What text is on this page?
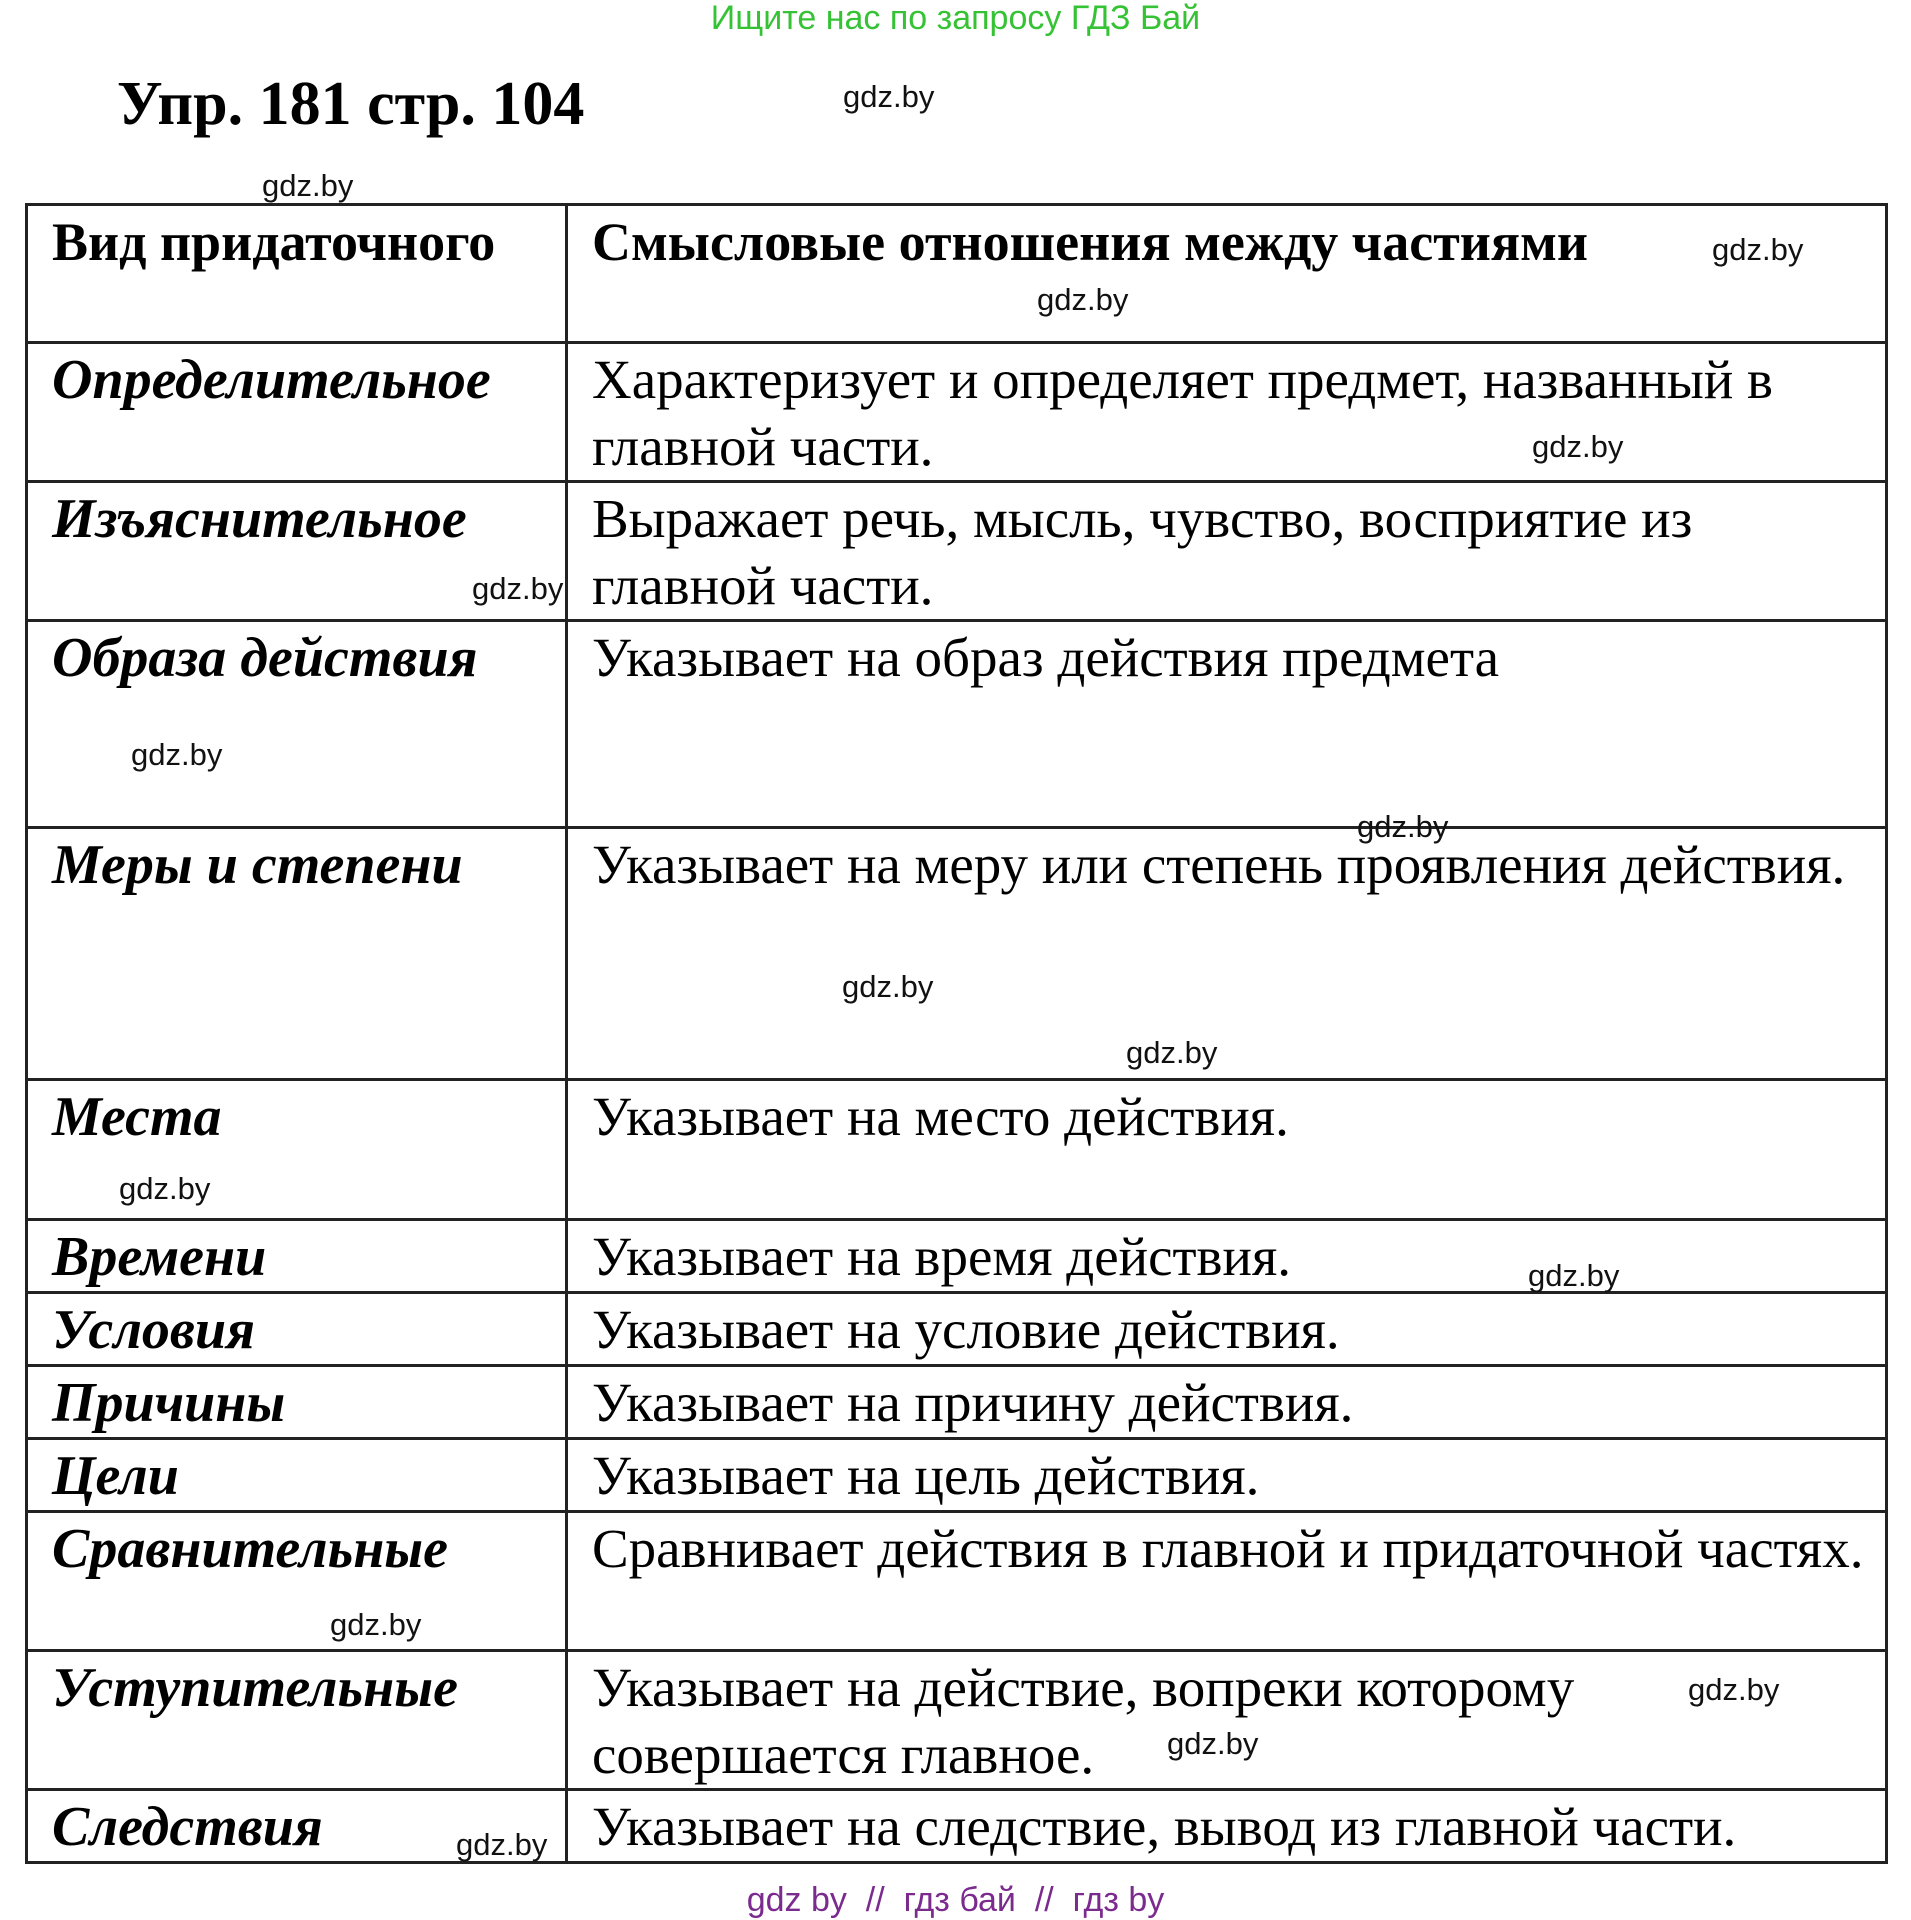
Ищите нас по запросу ГДЗ Бай
Упр. 181 стр. 104
Вид придаточного	Смысловые отношения между частиями
Определительное	Характеризует и определяет предмет, названный в главной части.
Изъяснительное	Выражает речь, мысль, чувство, восприятие из главной части.
Образа действия	Указывает на образ действия предмета
Меры и степени	Указывает на меру или степень проявления действия.
Места	Указывает на место действия.
Времени	Указывает на время действия.
Условия	Указывает на условие действия.
Причины	Указывает на причину действия.
Цели	Указывает на цель действия.
Сравнительные	Сравнивает действия в главной и придаточной частях.
Уступительные	Указывает на действие, вопреки которому совершается главное.
Следствия	Указывает на следствие, вывод из главной части.
gdz.by
gdz.by
gdz.by
gdz.by
gdz.by
gdz.by
gdz.by
gdz.by
gdz.by
gdz.by
gdz.by
gdz.by
gdz.by
gdz.by
gdz.by
gdz.by
gdz by  //  гдз бай  //  гдз by
